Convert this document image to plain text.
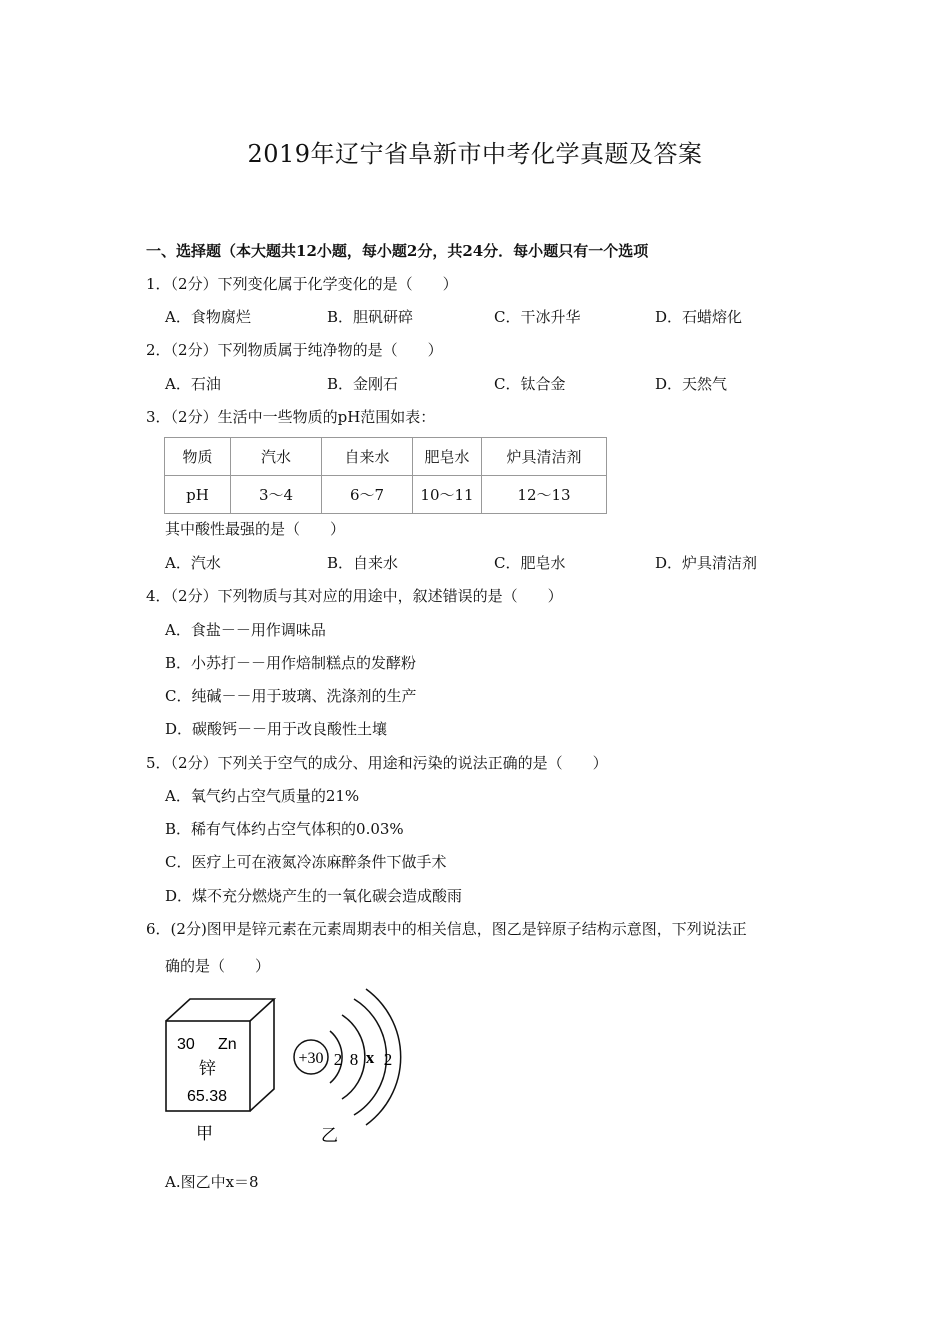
2019年辽宁省阜新市中考化学真题及答案
一、选择题（本大题共12小题，每小题2分，共24分．每小题只有一个选项
1．（2分）下列变化属于化学变化的是（　　）
A．食物腐烂	B．胆矾研碎	C．干冰升华	D．石蜡熔化
2．（2分）下列物质属于纯净物的是（　　）
A．石油	B．金刚石	C．钛合金	D．天然气
3．（2分）生活中一些物质的pH范围如表：
物质	汽水	自来水	肥皂水	炉具清洁剂
pH	3～4	6～7	10～11	12～13
其中酸性最强的是（　　）
A．汽水	B．自来水	C．肥皂水	D．炉具清洁剂
4．（2分）下列物质与其对应的用途中，叙述错误的是（　　）
A．食盐－－用作调味品
B．小苏打－－用作焙制糕点的发酵粉
C．纯碱－－用于玻璃、洗涤剂的生产
D．碳酸钙－－用于改良酸性土壤
5．（2分）下列关于空气的成分、用途和污染的说法正确的是（　　）
A．氧气约占空气质量的21%
B．稀有气体约占空气体积的0.03%
C．医疗上可在液氮冷冻麻醉条件下做手术
D．煤不充分燃烧产生的一氧化碳会造成酸雨
6．(2分)图甲是锌元素在元素周期表中的相关信息，图乙是锌原子结构示意图，下列说法正
确的是（　　）
30 Zn
锌
65.38
甲
+30 2 8 x 2
乙
A.图乙中x＝8
